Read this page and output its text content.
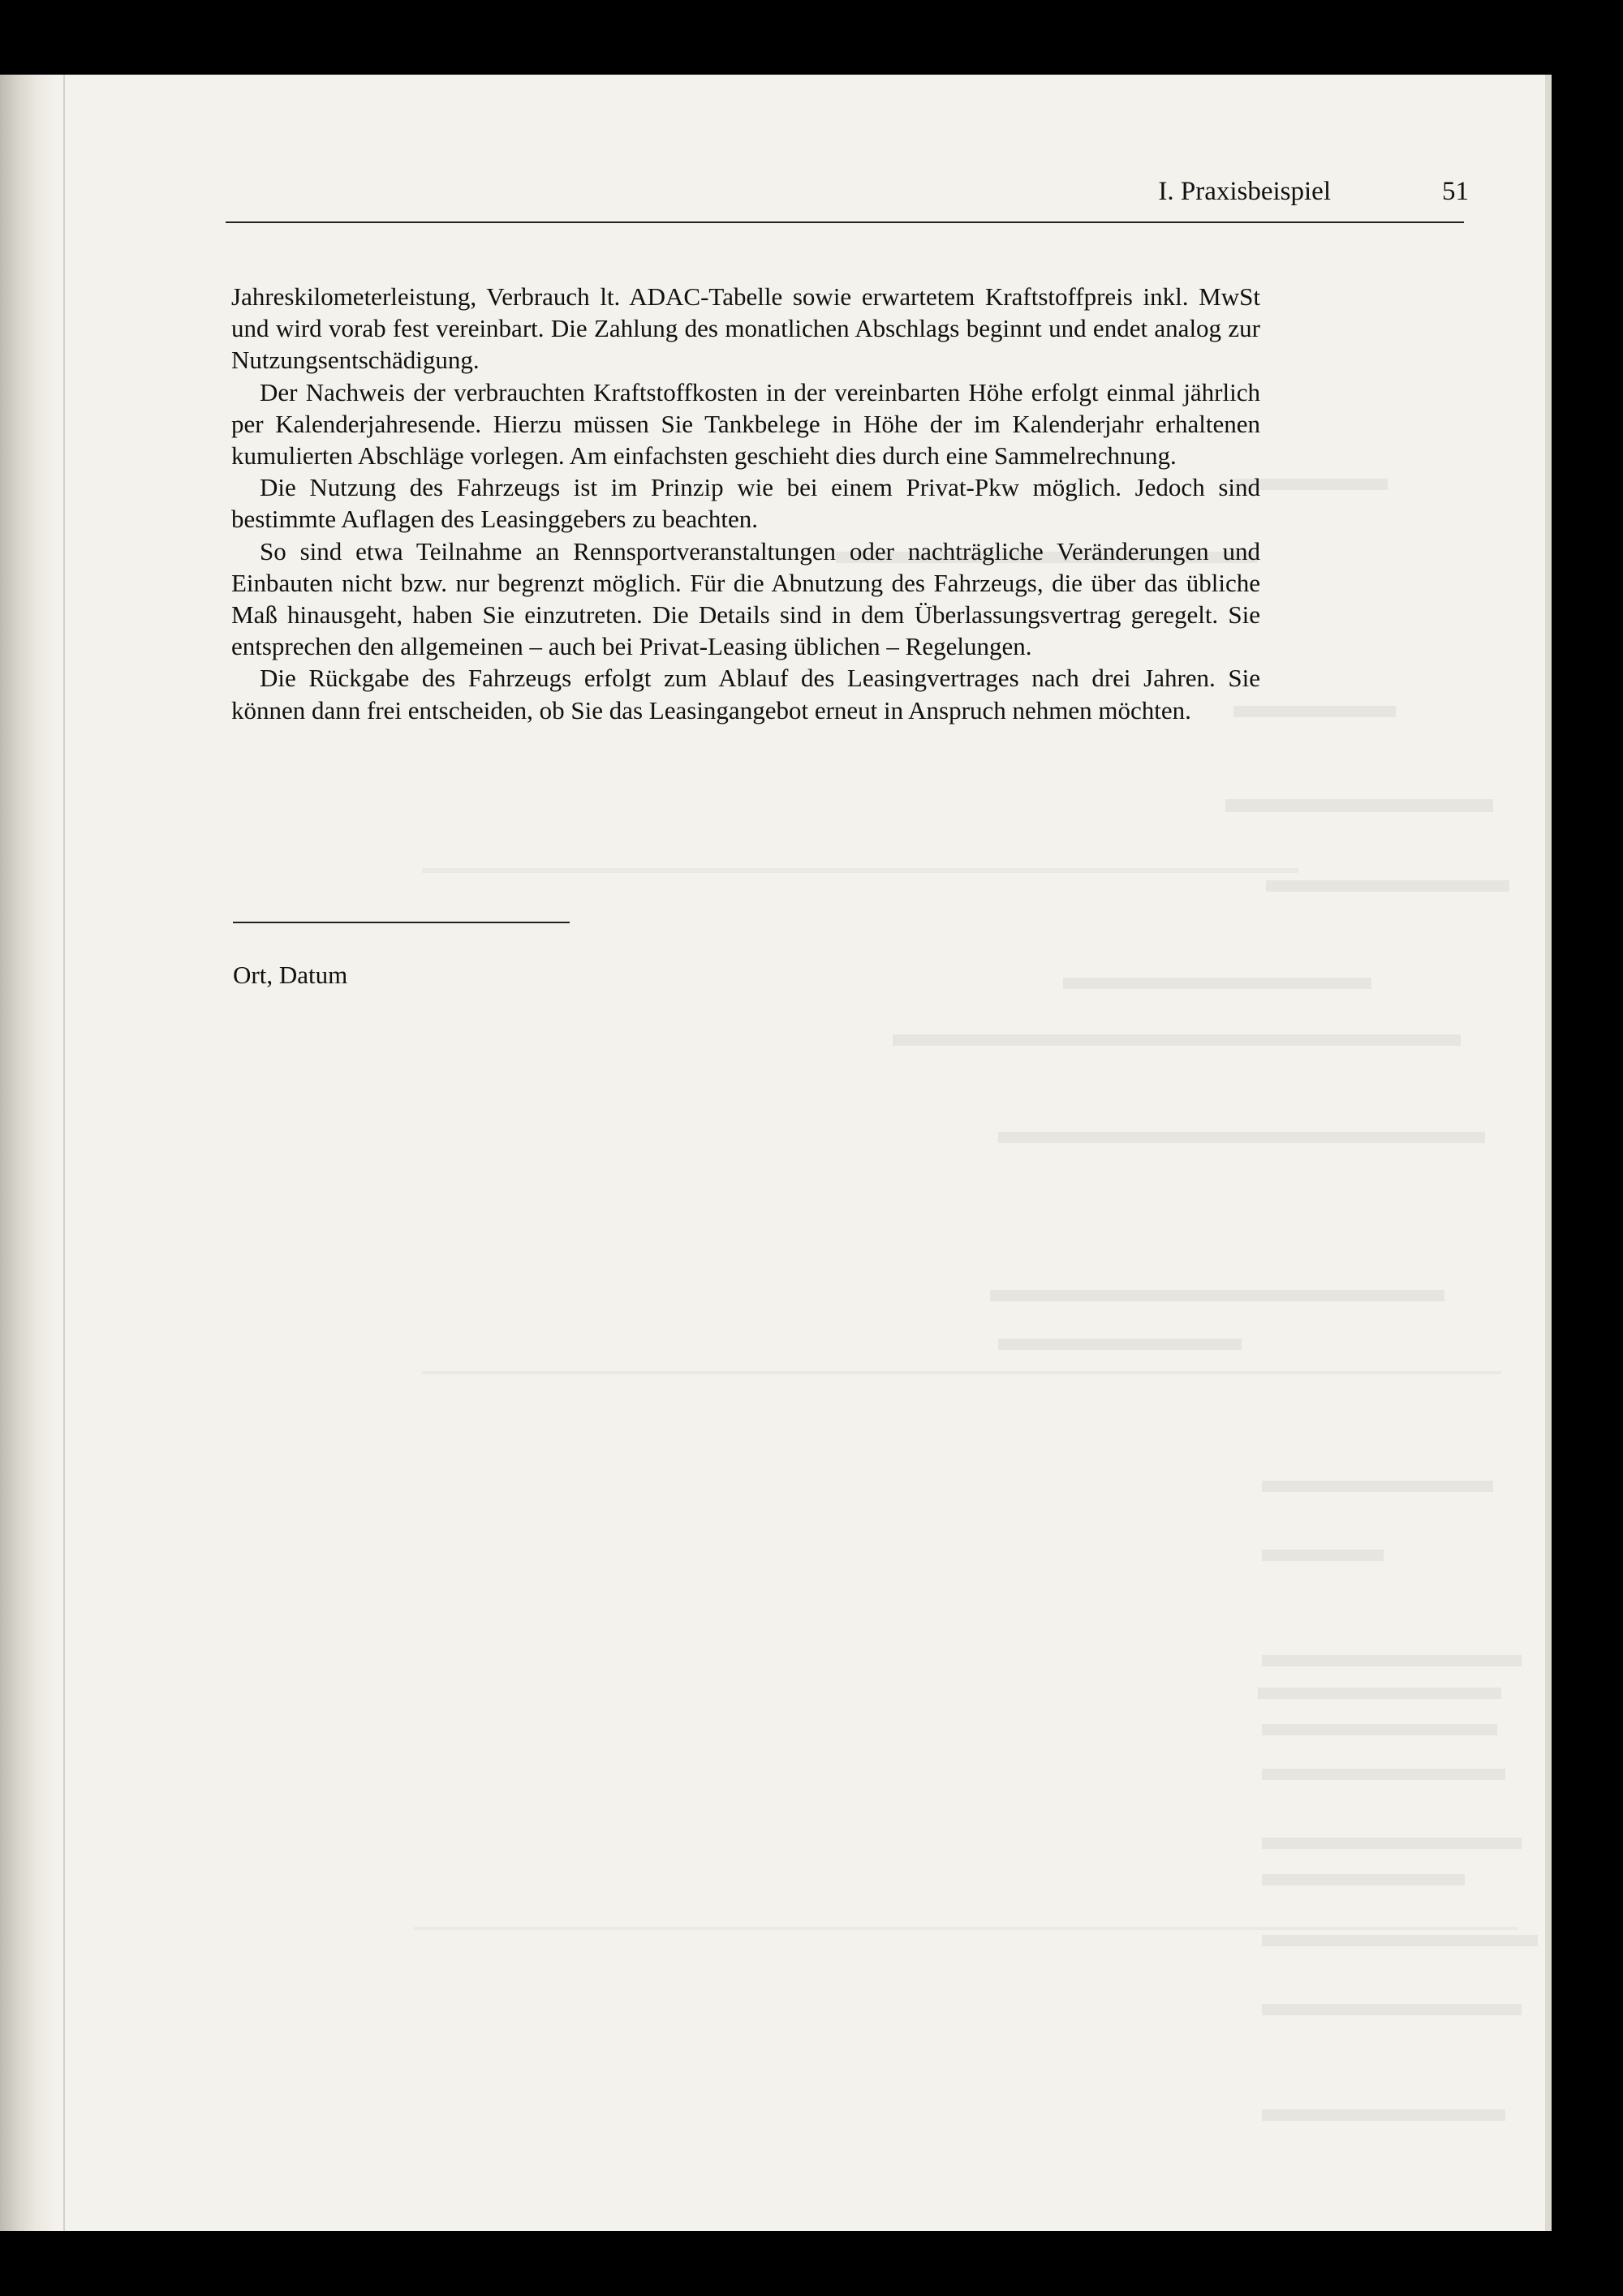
I. Praxisbeispiel	51

Jahreskilometerleistung, Verbrauch lt. ADAC-Tabelle sowie erwartetem Kraftstoffpreis inkl. MwSt und wird vorab fest vereinbart. Die Zahlung des monatlichen Abschlags beginnt und endet analog zur Nutzungsentschädigung.

Der Nachweis der verbrauchten Kraftstoffkosten in der vereinbarten Höhe erfolgt einmal jährlich per Kalenderjahresende. Hierzu müssen Sie Tankbelege in Höhe der im Kalenderjahr erhaltenen kumulierten Abschläge vorlegen. Am einfachsten geschieht dies durch eine Sammelrechnung.

Die Nutzung des Fahrzeugs ist im Prinzip wie bei einem Privat-Pkw möglich. Jedoch sind bestimmte Auflagen des Leasinggebers zu beachten.

So sind etwa Teilnahme an Rennsportveranstaltungen oder nachträgliche Veränderungen und Einbauten nicht bzw. nur begrenzt möglich. Für die Abnutzung des Fahrzeugs, die über das übliche Maß hinausgeht, haben Sie einzutreten. Die Details sind in dem Überlassungsvertrag geregelt. Sie entsprechen den allgemeinen – auch bei Privat-Leasing üblichen – Regelungen.

Die Rückgabe des Fahrzeugs erfolgt zum Ablauf des Leasingvertrages nach drei Jahren. Sie können dann frei entscheiden, ob Sie das Leasingangebot erneut in Anspruch nehmen möchten.

Ort, Datum
